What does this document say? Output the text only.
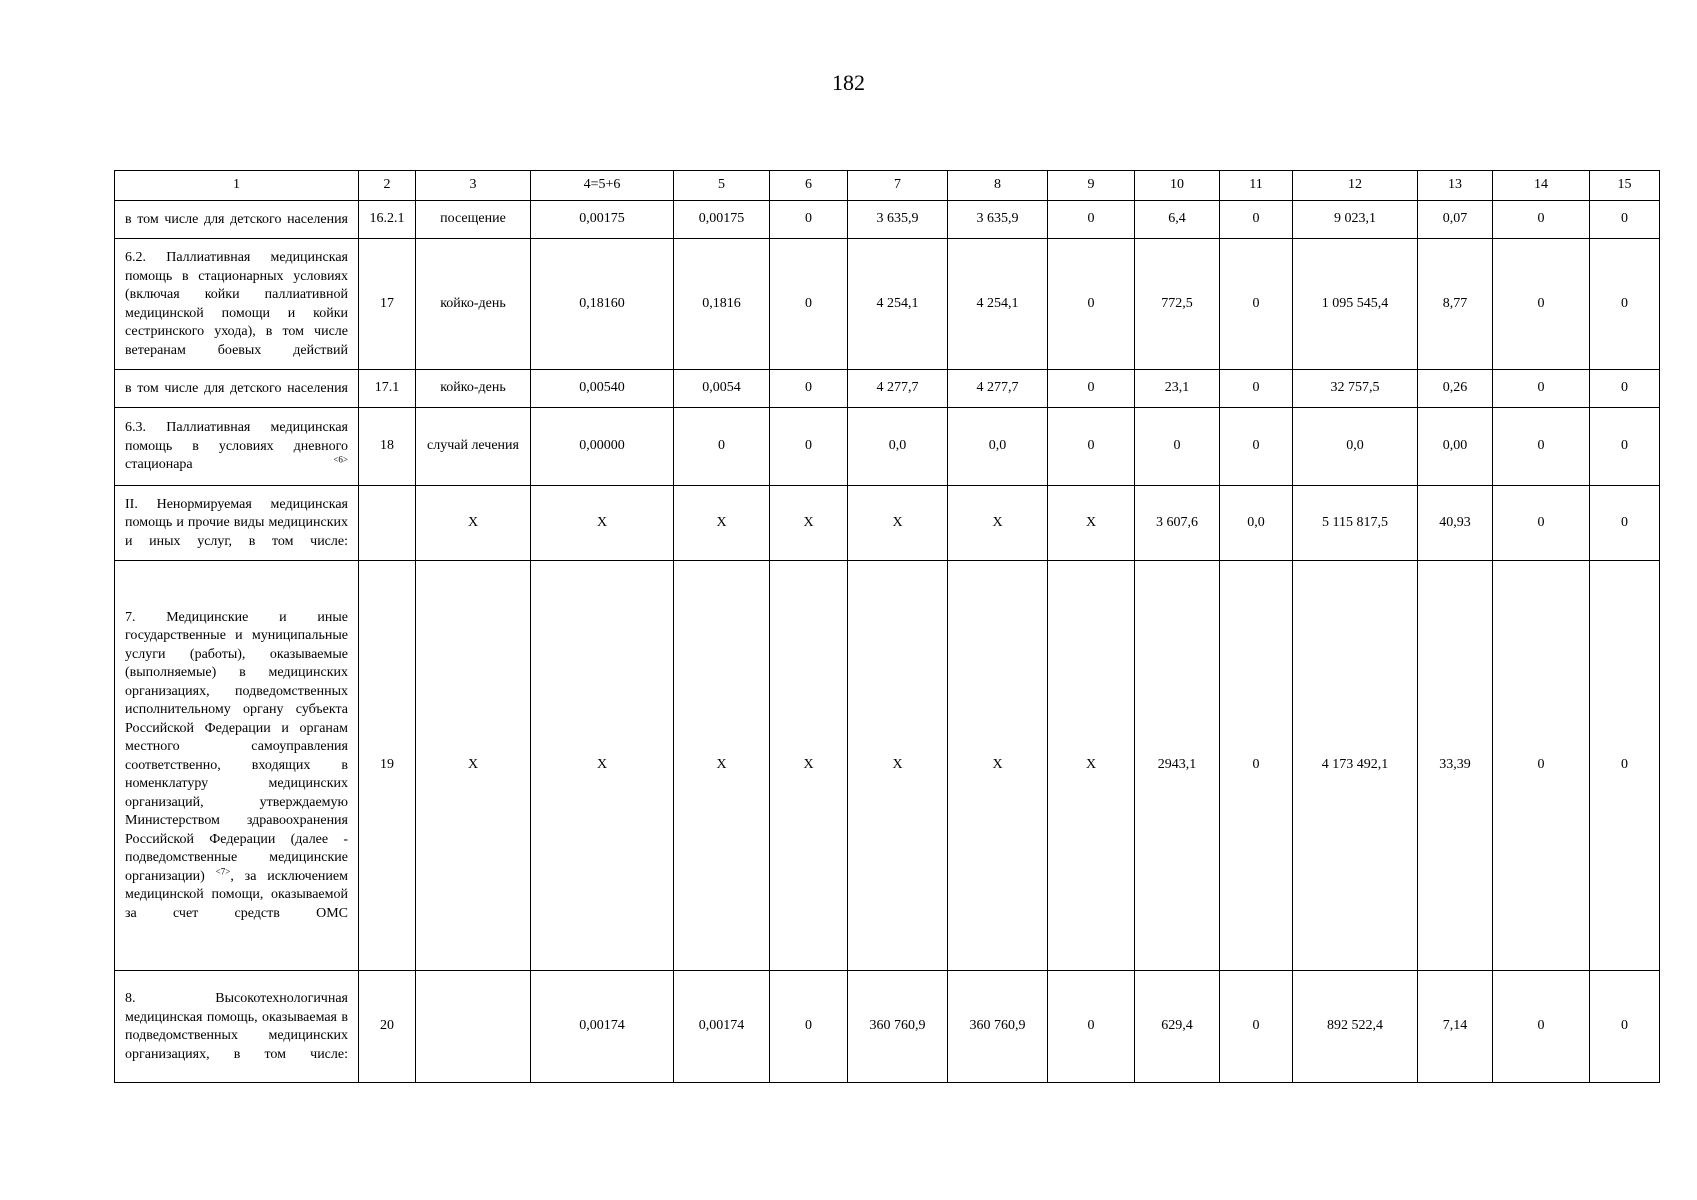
182
1	2	3	4=5+6	5	6	7	8	9	10	11	12	13	14	15
в том числе для детского населения	16.2.1	посещение	0,00175	0,00175	0	3 635,9	3 635,9	0	6,4	0	9 023,1	0,07	0	0
6.2. Паллиативная медицинская помощь в стационарных условиях (включая койки паллиативной медицинской помощи и койки сестринского ухода), в том числе ветеранам боевых действий	17	койко-день	0,18160	0,1816	0	4 254,1	4 254,1	0	772,5	0	1 095 545,4	8,77	0	0
в том числе для детского населения	17.1	койко-день	0,00540	0,0054	0	4 277,7	4 277,7	0	23,1	0	32 757,5	0,26	0	0
6.3. Паллиативная медицинская помощь в условиях дневного стационара $^{<6>}$	18	случай лечения	0,00000	0	0	0,0	0,0	0	0	0	0,0	0,00	0	0
II. Ненормируемая медицинская помощь и прочие виды медицинских и иных услуг, в том числе:		Х	Х	Х	Х	Х	Х	Х	3 607,6	0,0	5 115 817,5	40,93	0	0
7. Медицинские и иные государственные и муниципальные услуги (работы), оказываемые (выполняемые) в медицинских организациях, подведомственных исполнительному органу субъекта Российской Федерации и органам местного самоуправления соответственно, входящих в номенклатуру медицинских организаций, утверждаемую Министерством здравоохранения Российской Федерации (далее - подведомственные медицинские организации) $^{<7>}$, за исключением медицинской помощи, оказываемой за счет средств ОМС	19	Х	Х	Х	Х	Х	Х	Х	2943,1	0	4 173 492,1	33,39	0	0
8. Высокотехнологичная медицинская помощь, оказываемая в подведомственных медицинских организациях, в том числе:	20		0,00174	0,00174	0	360 760,9	360 760,9	0	629,4	0	892 522,4	7,14	0	0
